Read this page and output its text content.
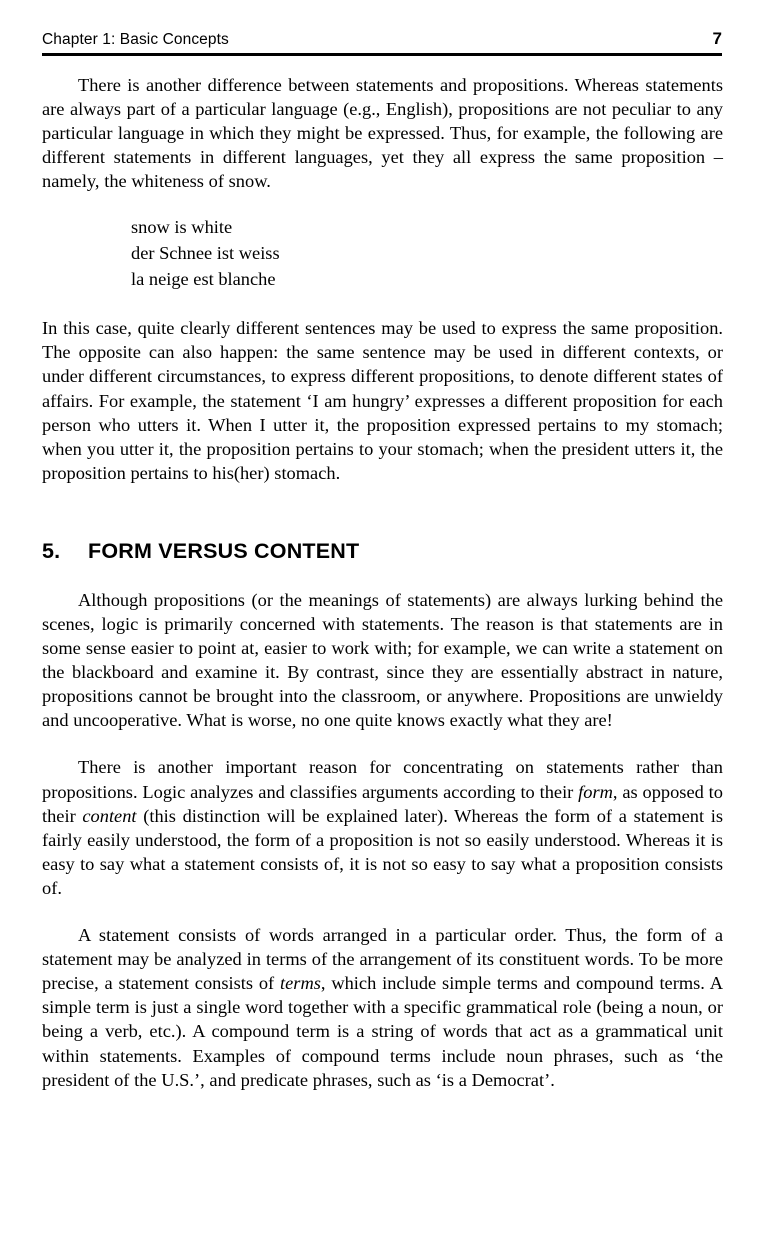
Chapter 1: Basic Concepts	7

There is another difference between statements and propositions. Whereas statements are always part of a particular language (e.g., English), propositions are not peculiar to any particular language in which they might be expressed. Thus, for example, the following are different statements in different languages, yet they all express the same proposition – namely, the whiteness of snow.

snow is white
der Schnee ist weiss
la neige est blanche

In this case, quite clearly different sentences may be used to express the same proposition. The opposite can also happen: the same sentence may be used in different contexts, or under different circumstances, to express different propositions, to denote different states of affairs. For example, the statement ‘I am hungry’ expresses a different proposition for each person who utters it. When I utter it, the proposition expressed pertains to my stomach; when you utter it, the proposition pertains to your stomach; when the president utters it, the proposition pertains to his(her) stomach.

5.	FORM VERSUS CONTENT

Although propositions (or the meanings of statements) are always lurking behind the scenes, logic is primarily concerned with statements. The reason is that statements are in some sense easier to point at, easier to work with; for example, we can write a statement on the blackboard and examine it. By contrast, since they are essentially abstract in nature, propositions cannot be brought into the classroom, or anywhere. Propositions are unwieldy and uncooperative. What is worse, no one quite knows exactly what they are!

There is another important reason for concentrating on statements rather than propositions. Logic analyzes and classifies arguments according to their form, as opposed to their content (this distinction will be explained later). Whereas the form of a statement is fairly easily understood, the form of a proposition is not so easily understood. Whereas it is easy to say what a statement consists of, it is not so easy to say what a proposition consists of.

A statement consists of words arranged in a particular order. Thus, the form of a statement may be analyzed in terms of the arrangement of its constituent words. To be more precise, a statement consists of terms, which include simple terms and compound terms. A simple term is just a single word together with a specific grammatical role (being a noun, or being a verb, etc.). A compound term is a string of words that act as a grammatical unit within statements. Examples of compound terms include noun phrases, such as ‘the president of the U.S.’, and predicate phrases, such as ‘is a Democrat’.
